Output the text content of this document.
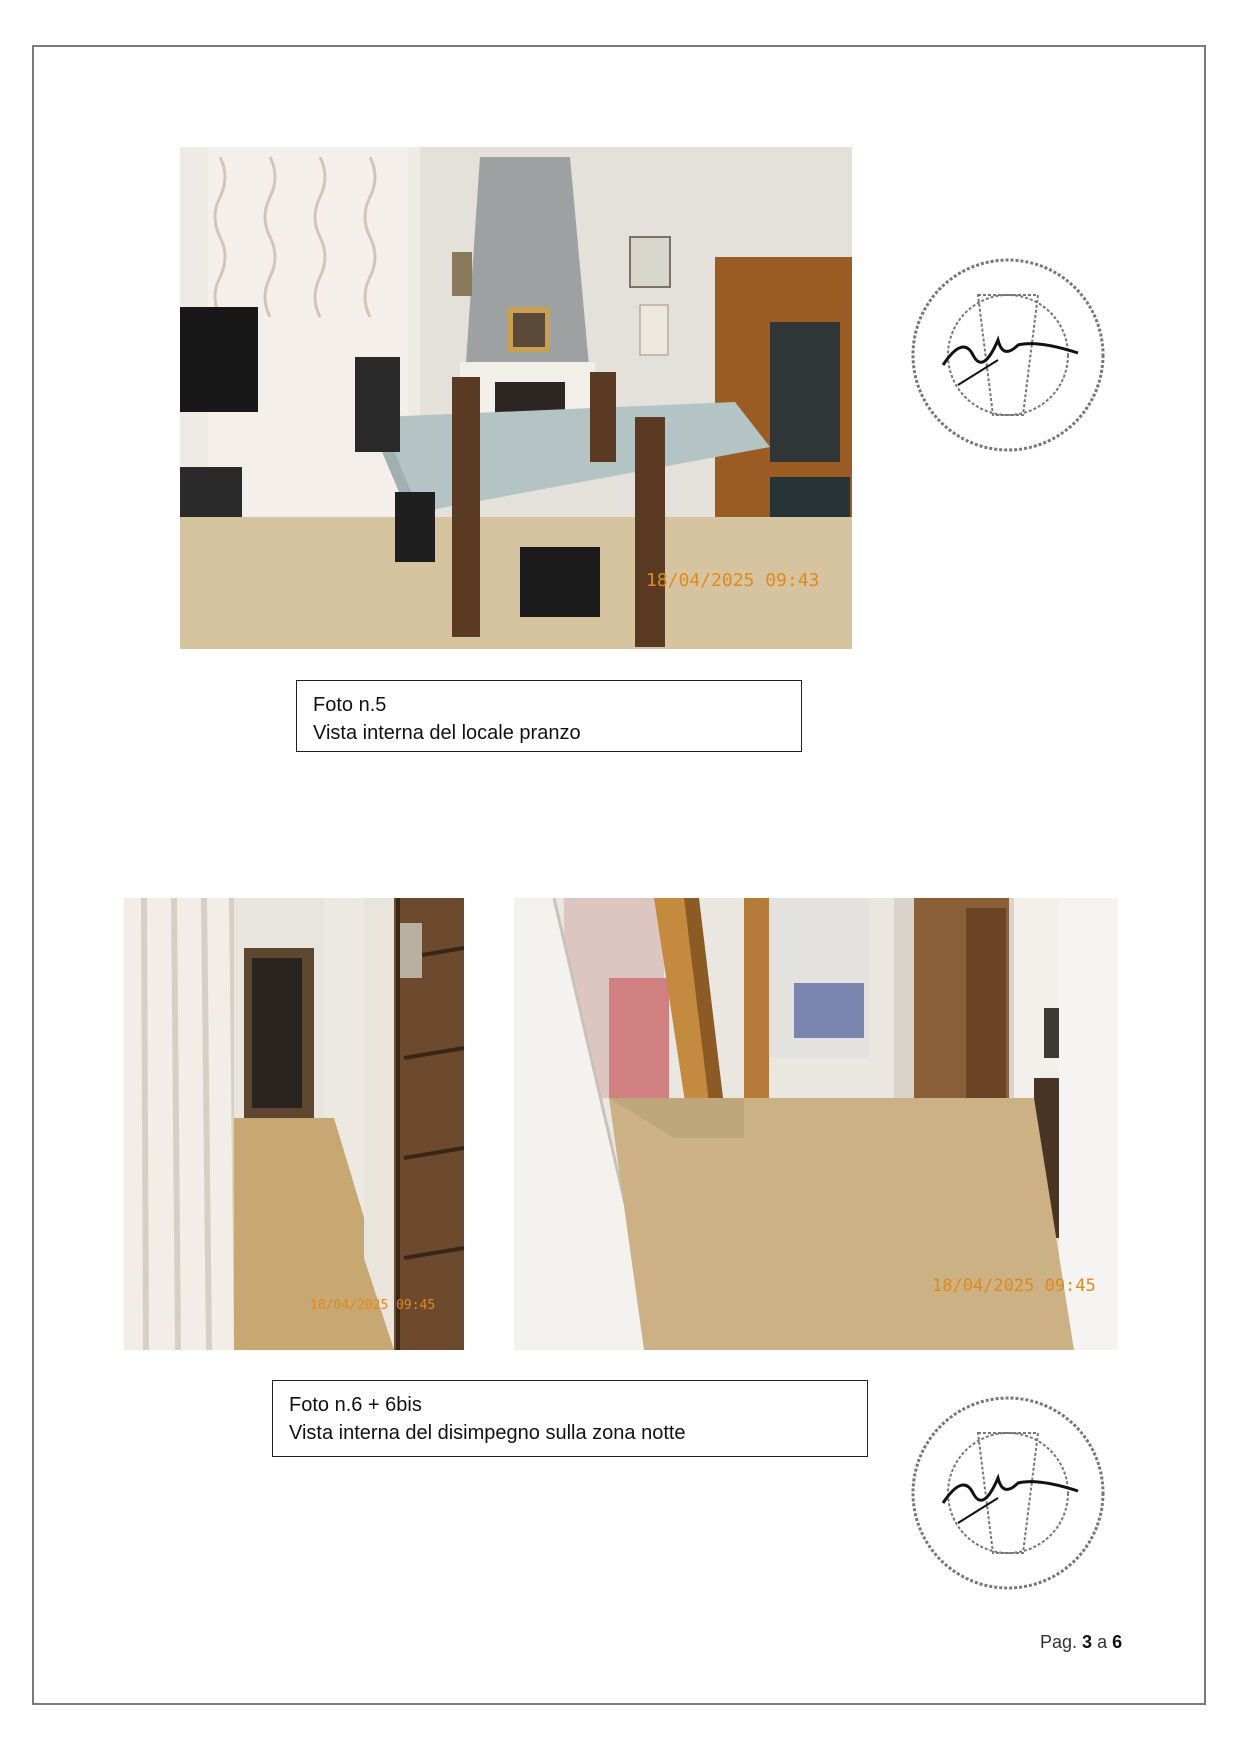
18/04/2025 09:43
Foto n.5
Vista interna del locale pranzo
18/04/2025 09:45
18/04/2025 09:45
Foto n.6 + 6bis
Vista interna del disimpegno sulla zona notte
Pag. 3 a 6
